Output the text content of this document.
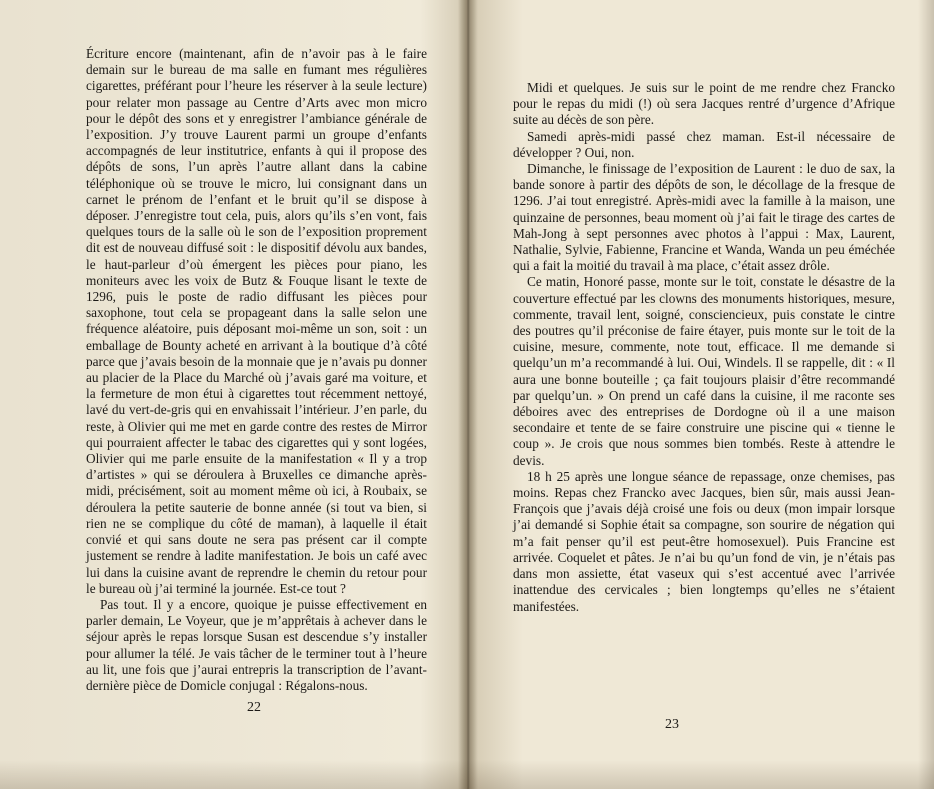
Écriture encore (maintenant, afin de n’avoir pas à le faire demain sur le bureau de ma salle en fumant mes régulières cigarettes, préférant pour l’heure les réserver à la seule lecture) pour relater mon passage au Centre d’Arts avec mon micro pour le dépôt des sons et y enregistrer l’ambiance générale de l’exposition. J’y trouve Laurent parmi un groupe d’enfants accompagnés de leur institutrice, enfants à qui il propose des dépôts de sons, l’un après l’autre allant dans la cabine téléphonique où se trouve le micro, lui consignant dans un carnet le prénom de l’enfant et le bruit qu’il se dispose à déposer. J’enregistre tout cela, puis, alors qu’ils s’en vont, fais quelques tours de la salle où le son de l’exposition proprement dit est de nouveau diffusé soit : le dispositif dévolu aux bandes, le haut-parleur d’où émergent les pièces pour piano, les moniteurs avec les voix de Butz & Fouque lisant le texte de 1296, puis le poste de radio diffusant les pièces pour saxophone, tout cela se propageant dans la salle selon une fréquence aléatoire, puis déposant moi-même un son, soit : un emballage de Bounty acheté en arrivant à la boutique d’à côté parce que j’avais besoin de la monnaie que je n’avais pu donner au placier de la Place du Marché où j’avais garé ma voiture, et la fermeture de mon étui à cigarettes tout récemment nettoyé, lavé du vert-de-gris qui en envahissait l’intérieur. J’en parle, du reste, à Olivier qui me met en garde contre des restes de Mirror qui pourraient affecter le tabac des cigarettes qui y sont logées, Olivier qui me parle ensuite de la manifestation « Il y a trop d’artistes » qui se déroulera à Bruxelles ce dimanche après-midi, précisément, soit au moment même où ici, à Roubaix, se déroulera la petite sauterie de bonne année (si tout va bien, si rien ne se complique du côté de maman), à laquelle il était convié et qui sans doute ne sera pas présent car il compte justement se rendre à ladite manifestation. Je bois un café avec lui dans la cuisine avant de reprendre le chemin du retour pour le bureau où j’ai terminé la journée. Est-ce tout ?

Pas tout. Il y a encore, quoique je puisse effectivement en parler demain, Le Voyeur, que je m’apprêtais à achever dans le séjour après le repas lorsque Susan est descendue s’y installer pour allumer la télé. Je vais tâcher de le terminer tout à l’heure au lit, une fois que j’aurai entrepris la transcription de l’avant-dernière pièce de Domicle conjugal : Régalons-nous.

22

Midi et quelques. Je suis sur le point de me rendre chez Francko pour le repas du midi (!) où sera Jacques rentré d’urgence d’Afrique suite au décès de son père.

Samedi après-midi passé chez maman. Est-il nécessaire de développer ? Oui, non.

Dimanche, le finissage de l’exposition de Laurent : le duo de sax, la bande sonore à partir des dépôts de son, le décollage de la fresque de 1296. J’ai tout enregistré. Après-midi avec la famille à la maison, une quinzaine de personnes, beau moment où j’ai fait le tirage des cartes de Mah-Jong à sept personnes avec photos à l’appui : Max, Laurent, Nathalie, Sylvie, Fabienne, Francine et Wanda, Wanda un peu éméchée qui a fait la moitié du travail à ma place, c’était assez drôle.

Ce matin, Honoré passe, monte sur le toit, constate le désastre de la couverture effectué par les clowns des monuments historiques, mesure, commente, travail lent, soigné, consciencieux, puis constate le cintre des poutres qu’il préconise de faire étayer, puis monte sur le toit de la cuisine, mesure, commente, note tout, efficace. Il me demande si quelqu’un m’a recommandé à lui. Oui, Windels. Il se rappelle, dit : « Il aura une bonne bouteille ; ça fait toujours plaisir d’être recommandé par quelqu’un. » On prend un café dans la cuisine, il me raconte ses déboires avec des entreprises de Dordogne où il a une maison secondaire et tente de se faire construire une piscine qui « tienne le coup ». Je crois que nous sommes bien tombés. Reste à attendre le devis.

18 h 25 après une longue séance de repassage, onze chemises, pas moins. Repas chez Francko avec Jacques, bien sûr, mais aussi Jean-François que j’avais déjà croisé une fois ou deux (mon impair lorsque j’ai demandé si Sophie était sa compagne, son sourire de négation qui m’a fait penser qu’il est peut-être homosexuel). Puis Francine est arrivée. Coquelet et pâtes. Je n’ai bu qu’un fond de vin, je n’étais pas dans mon assiette, état vaseux qui s’est accentué avec l’arrivée inattendue des cervicales ; bien longtemps qu’elles ne s’étaient manifestées.

23
